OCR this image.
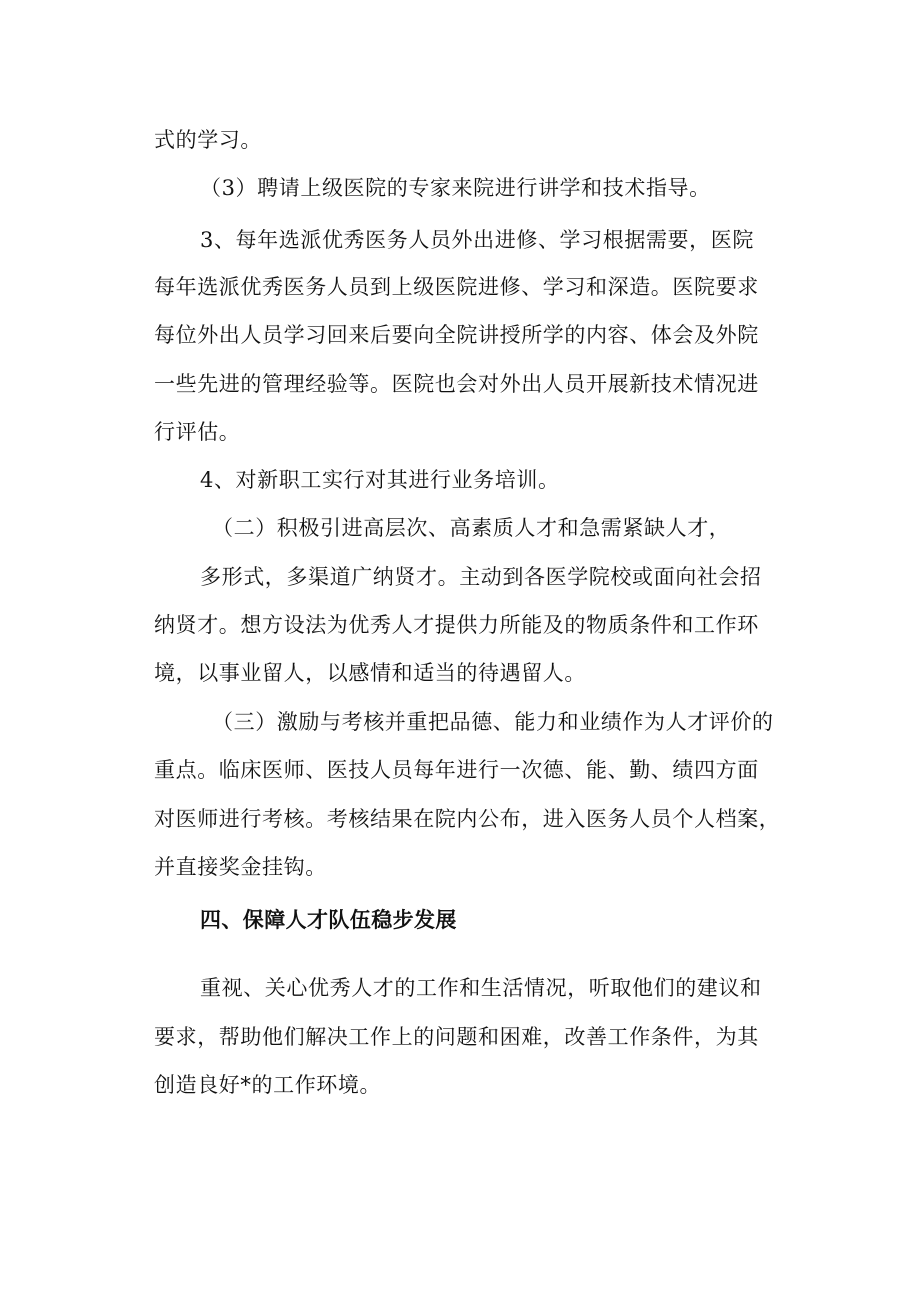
式的学习。
（3）聘请上级医院的专家来院进行讲学和技术指导。
3、每年选派优秀医务人员外出进修、学习根据需要，医院
每年选派优秀医务人员到上级医院进修、学习和深造。医院要求
每位外出人员学习回来后要向全院讲授所学的内容、体会及外院
一些先进的管理经验等。医院也会对外出人员开展新技术情况进
行评估。
4、对新职工实行对其进行业务培训。
（二）积极引进高层次、高素质人才和急需紧缺人才，
多形式，多渠道广纳贤才。主动到各医学院校或面向社会招
纳贤才。想方设法为优秀人才提供力所能及的物质条件和工作环
境，以事业留人，以感情和适当的待遇留人。
（三）激励与考核并重把品德、能力和业绩作为人才评价的
重点。临床医师、医技人员每年进行一次德、能、勤、绩四方面
对医师进行考核。考核结果在院内公布，进入医务人员个人档案，
并直接奖金挂钩。
四、保障人才队伍稳步发展
重视、关心优秀人才的工作和生活情况，听取他们的建议和
要求，帮助他们解决工作上的问题和困难，改善工作条件，为其
创造良好*的工作环境。
